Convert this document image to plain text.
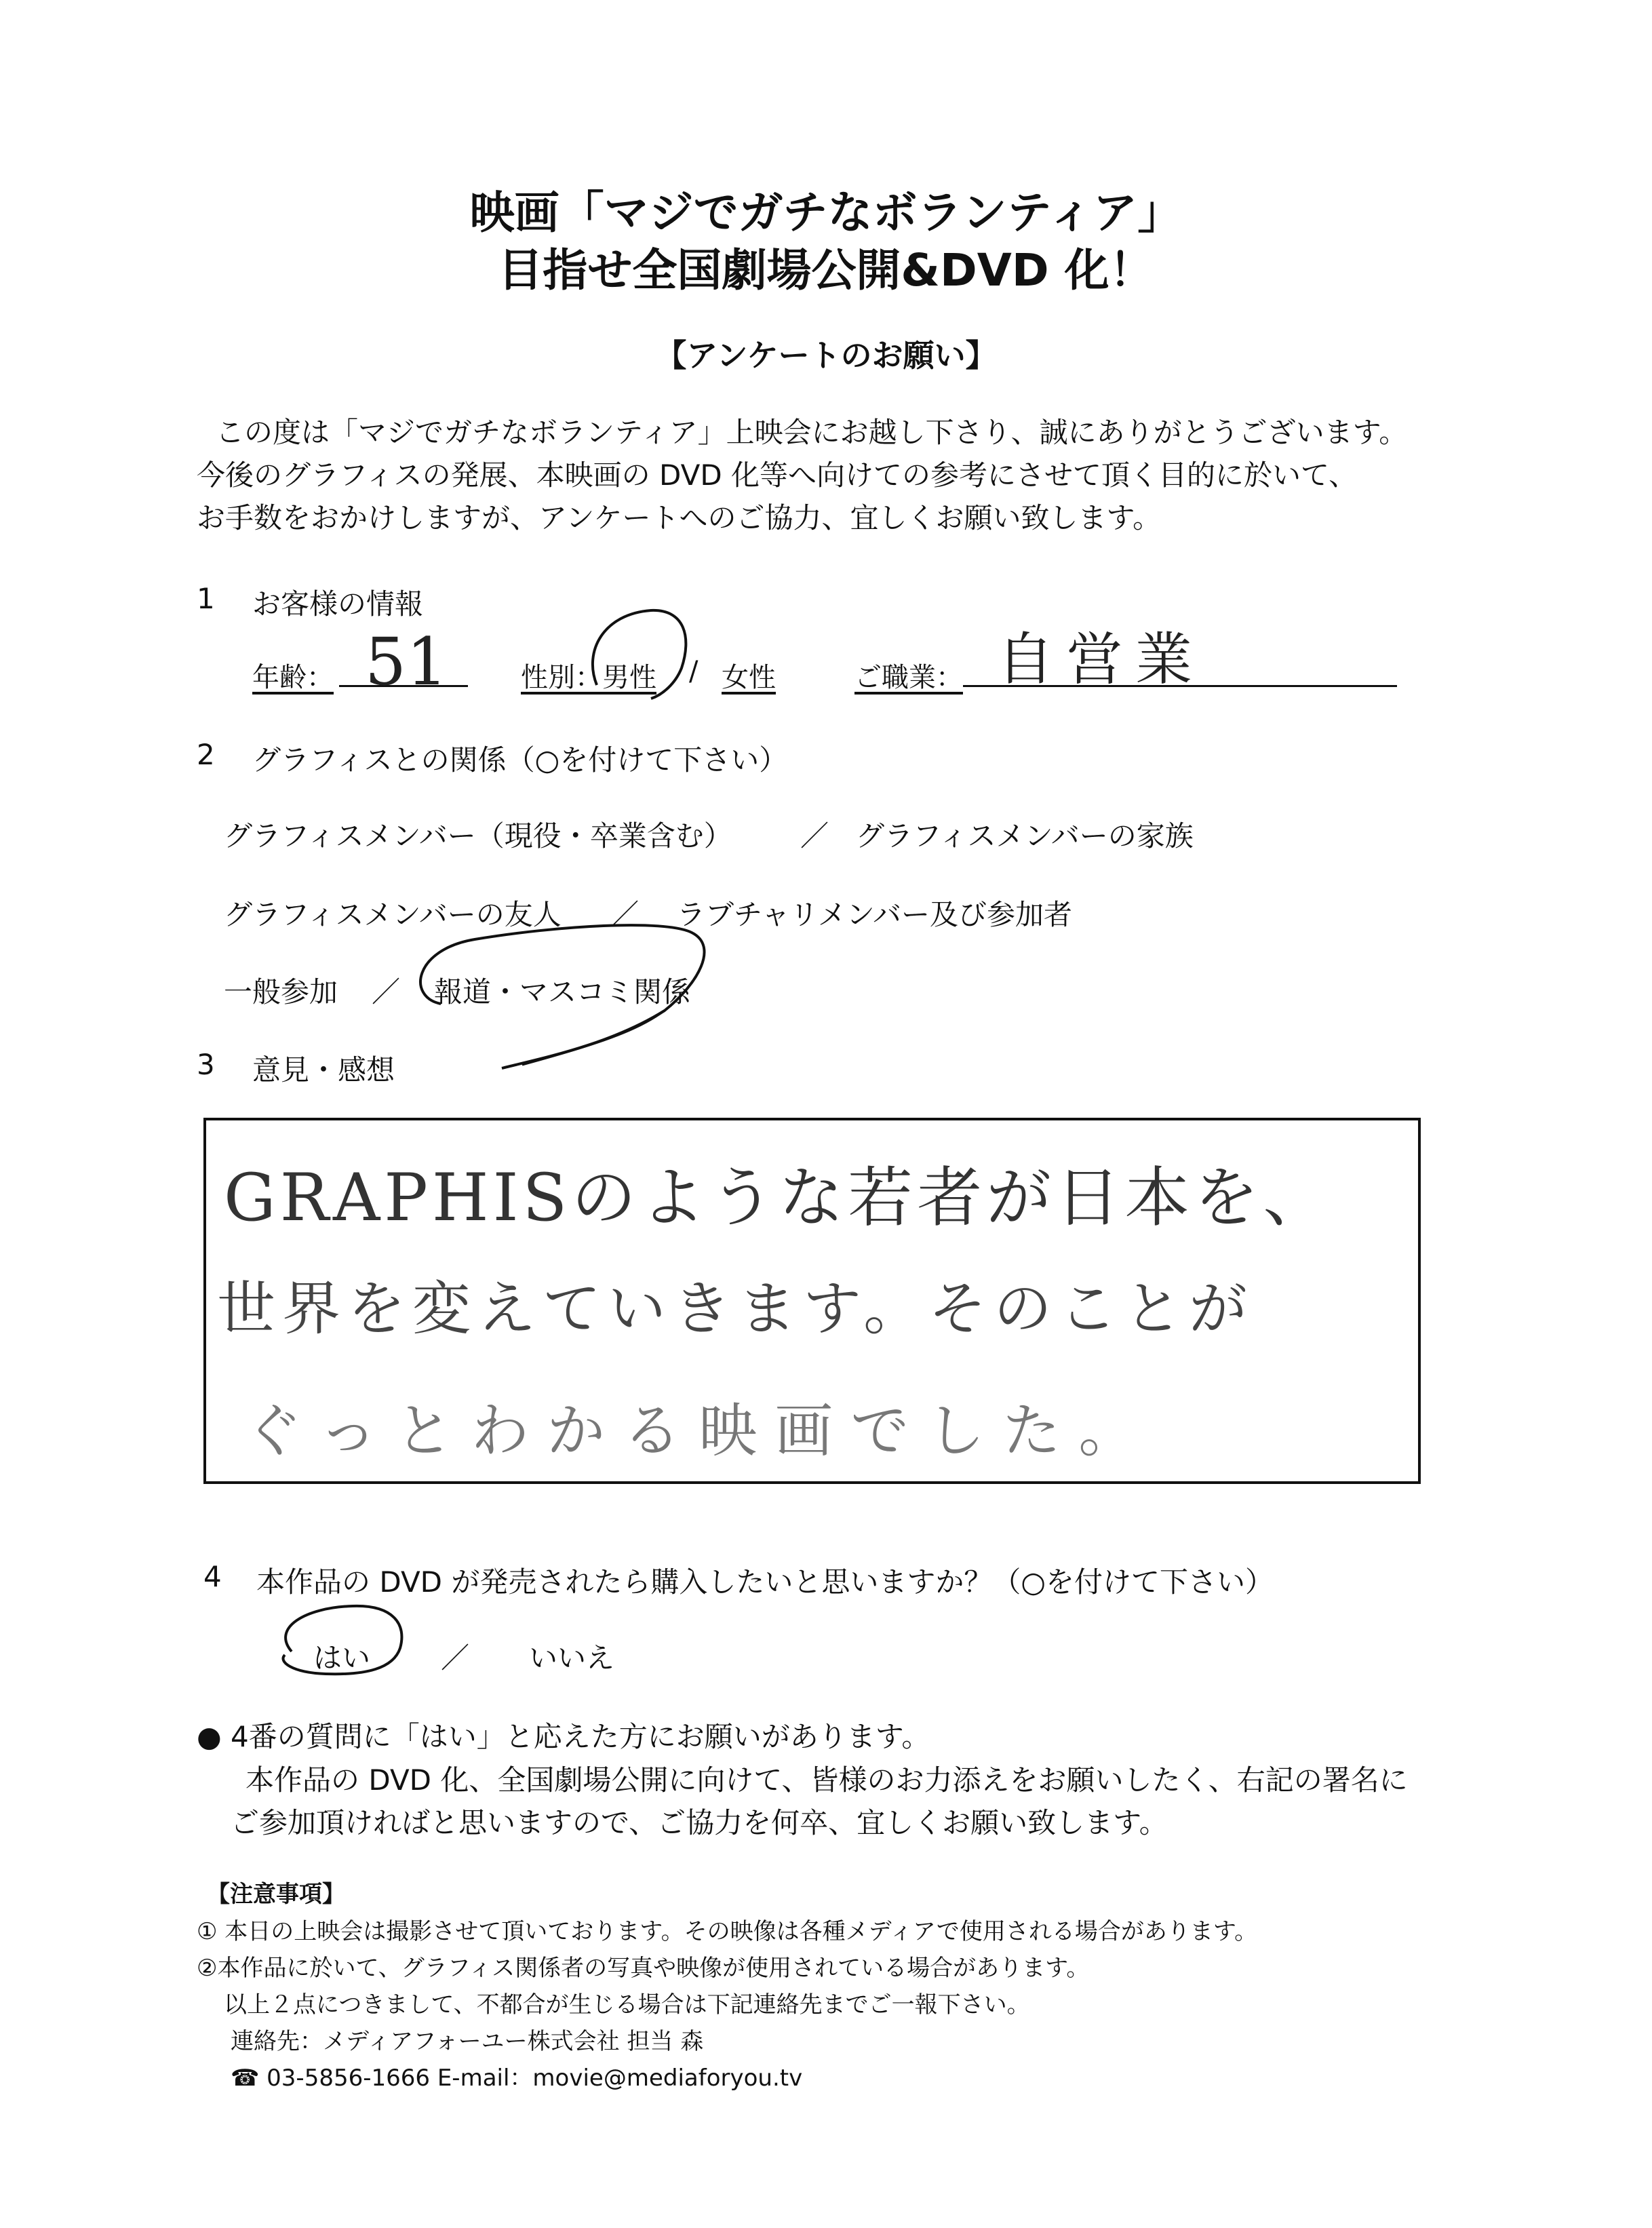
映画「マジでガチなボランティア」
目指せ全国劇場公開&DVD 化！
【アンケートのお願い】
この度は「マジでガチなボランティア」上映会にお越し下さり、誠にありがとうございます。
今後のグラフィスの発展、本映画の DVD 化等へ向けての参考にさせて頂く目的に於いて、
お手数をおかけしますが、アンケートへのご協力、宜しくお願い致します。
1 お客様の情報
年齢： 51	性別： 男性 / 女性	ご職業： 自営業
2 グラフィスとの関係（○を付けて下さい）
グラフィスメンバー（現役・卒業含む） ／ グラフィスメンバーの家族
グラフィスメンバーの友人 ／ ラブチャリメンバー及び参加者
一般参加 ／ 報道・マスコミ関係
3 意見・感想
GRAPHISのような若者が日本を、
世界を変えていきます。そのことが
ぐっとわかる映画でした。
4 本作品の DVD が発売されたら購入したいと思いますか？（○を付けて下さい）
はい ／ いいえ
● 4番の質問に「はい」と応えた方にお願いがあります。
本作品の DVD 化、全国劇場公開に向けて、皆様のお力添えをお願いしたく、右記の署名に
ご参加頂ければと思いますので、ご協力を何卒、宜しくお願い致します。
【注意事項】
① 本日の上映会は撮影させて頂いております。その映像は各種メディアで使用される場合があります。
②本作品に於いて、グラフィス関係者の写真や映像が使用されている場合があります。
以上２点につきまして、不都合が生じる場合は下記連絡先までご一報下さい。
連絡先：メディアフォーユー株式会社 担当 森
☎ 03-5856-1666 E-mail：movie@mediaforyou.tv
